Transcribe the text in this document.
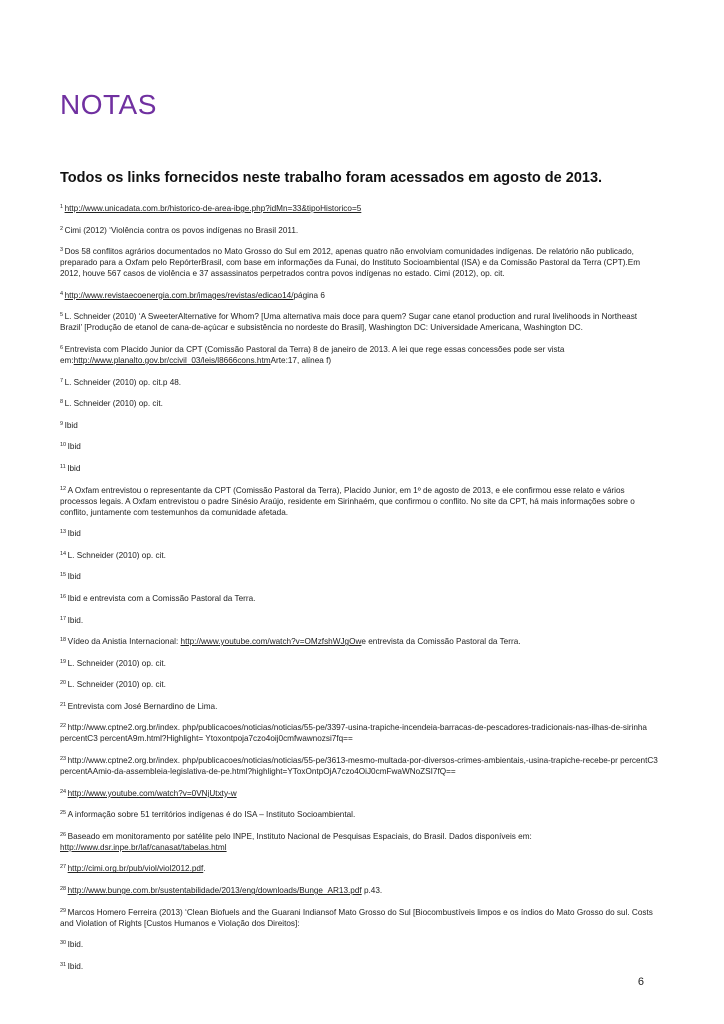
NOTAS
Todos os links fornecidos neste trabalho foram acessados em agosto de 2013.
$^1$ http://www.unicadata.com.br/historico-de-area-ibge.php?idMn=33&tipoHistorico=5
$^2$ Cimi (2012) ‘Violência contra os povos indígenas no Brasil 2011.
$^3$ Dos 58 conflitos agrários documentados no Mato Grosso do Sul em 2012, apenas quatro não envolviam comunidades indígenas. De relatório não publicado, preparado para a Oxfam pelo RepórterBrasil, com base em informações da Funai, do Instituto Socioambiental (ISA) e da Comissão Pastoral da Terra (CPT).Em 2012, houve 567 casos de violência e 37 assassinatos perpetrados contra povos indígenas no estado. Cimi (2012), op. cit.
$^4$ http://www.revistaecoenergia.com.br/images/revistas/edicao14/página 6
$^5$ L. Schneider (2010) ‘A SweeterAlternative for Whom? [Uma alternativa mais doce para quem? Sugar cane etanol production and rural livelihoods in Northeast Brazil’ [Produção de etanol de cana-de-açúcar e subsistência no nordeste do Brasil], Washington DC: Universidade Americana, Washington DC.
$^6$ Entrevista com Placido Junior da CPT (Comissão Pastoral da Terra) 8 de janeiro de 2013. A lei que rege essas concessões pode ser vista em:http://www.planalto.gov.br/ccivil_03/leis/l8666cons.htmArte:17, alínea f)
$^7$ L. Schneider (2010) op. cit.p 48.
$^8$ L. Schneider (2010) op. cit.
$^9$ Ibid
$^{10}$ Ibid
$^{11}$ Ibid
$^{12}$ A Oxfam entrevistou o representante da CPT (Comissão Pastoral da Terra), Placido Junior, em 1º de agosto de 2013, e ele confirmou esse relato e vários processos legais. A Oxfam entrevistou o padre Sinésio Araújo, residente em Sirinhaém, que confirmou o conflito. No site da CPT, há mais informações sobre o conflito, juntamente com testemunhos da comunidade afetada.
$^{13}$ Ibid
$^{14}$ L. Schneider (2010) op. cit.
$^{15}$ Ibid
$^{16}$ Ibid e entrevista com a Comissão Pastoral da Terra.
$^{17}$ Ibid.
$^{18}$ Vídeo da Anistia Internacional: http://www.youtube.com/watch?v=OMzfshWJgOwe entrevista da Comissão Pastoral da Terra.
$^{19}$ L. Schneider (2010) op. cit.
$^{20}$ L. Schneider (2010) op. cit.
$^{21}$ Entrevista com José Bernardino de Lima.
$^{22}$ http://www.cptne2.org.br/index. php/publicacoes/noticias/noticias/55-pe/3397-usina-trapiche-incendeia-barracas-de-pescadores-tradicionais-nas-ilhas-de-sirinha percentC3 percentA9m.html?Highlight= Ytoxontpoja7czo4oij0cmfwawnozsi7fq==
$^{23}$ http://www.cptne2.org.br/index. php/publicacoes/noticias/noticias/55-pe/3613-mesmo-multada-por-diversos-crimes-ambientais,-usina-trapiche-recebe-pr percentC3 percentAAmio-da-assembleia-legislativa-de-pe.html?highlight=YToxOntpOjA7czo4OiJ0cmFwaWNoZSI7fQ==
$^{24}$ http://www.youtube.com/watch?v=0VNjUtxty-w
$^{25}$ A informação sobre 51 territórios indígenas é do ISA – Instituto Socioambiental.
$^{26}$ Baseado em monitoramento por satélite pelo INPE, Instituto Nacional de Pesquisas Espaciais, do Brasil. Dados disponíveis em: http://www.dsr.inpe.br/laf/canasat/tabelas.html
$^{27}$ http://cimi.org.br/pub/viol/viol2012.pdf.
$^{28}$ http://www.bunge.com.br/sustentabilidade/2013/eng/downloads/Bunge_AR13.pdf p.43.
$^{29}$ Marcos Homero Ferreira (2013) ‘Clean Biofuels and the Guarani Indiansof Mato Grosso do Sul [Biocombustíveis limpos e os índios do Mato Grosso do sul. Costs and Violation of Rights [Custos Humanos e Violação dos Direitos]:
$^{30}$ Ibid.
$^{31}$ Ibid.
6
